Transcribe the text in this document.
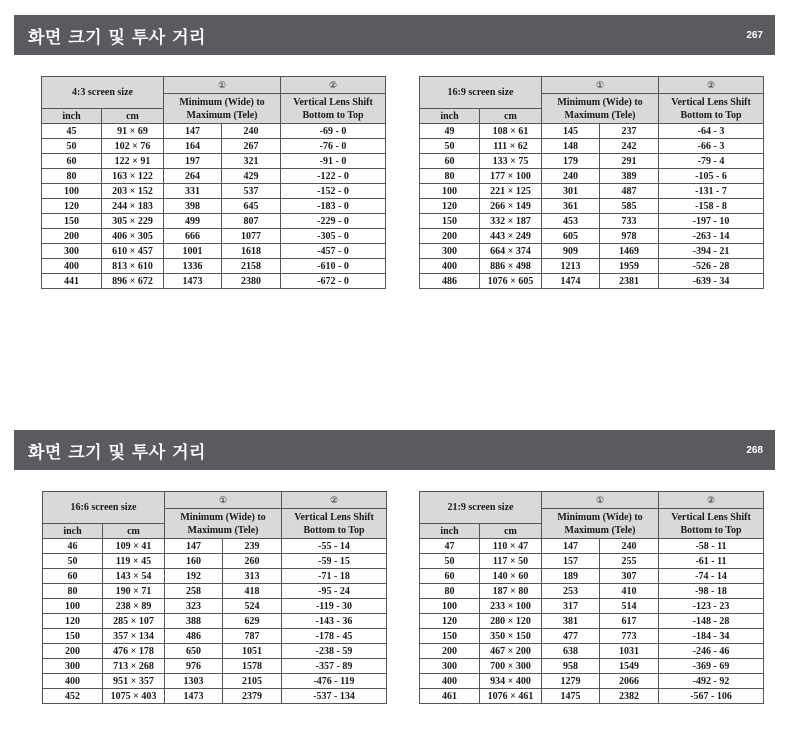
화면 크기 및 투사 거리	267
화면 크기 및 투사 거리	268
4:3 screen size		①		②
		Minimum (Wide) to Maximum (Tele)		Vertical Lens Shift Bottom to Top
inch	cm			
45	91 × 69	147	240	-69 - 0
50	102 × 76	164	267	-76 - 0
60	122 × 91	197	321	-91 - 0
80	163 × 122	264	429	-122 - 0
100	203 × 152	331	537	-152 - 0
120	244 × 183	398	645	-183 - 0
150	305 × 229	499	807	-229 - 0
200	406 × 305	666	1077	-305 - 0
300	610 × 457	1001	1618	-457 - 0
400	813 × 610	1336	2158	-610 - 0
441	896 × 672	1473	2380	-672 - 0
16:9 screen size		①		②
		Minimum (Wide) to Maximum (Tele)		Vertical Lens Shift Bottom to Top
inch	cm			
49	108 × 61	145	237	-64 - 3
50	111 × 62	148	242	-66 - 3
60	133 × 75	179	291	-79 - 4
80	177 × 100	240	389	-105 - 6
100	221 × 125	301	487	-131 - 7
120	266 × 149	361	585	-158 - 8
150	332 × 187	453	733	-197 - 10
200	443 × 249	605	978	-263 - 14
300	664 × 374	909	1469	-394 - 21
400	886 × 498	1213	1959	-526 - 28
486	1076 × 605	1474	2381	-639 - 34
16:6 screen size		①		②
		Minimum (Wide) to Maximum (Tele)		Vertical Lens Shift Bottom to Top
inch	cm			
46	109 × 41	147	239	-55 - 14
50	119 × 45	160	260	-59 - 15
60	143 × 54	192	313	-71 - 18
80	190 × 71	258	418	-95 - 24
100	238 × 89	323	524	-119 - 30
120	285 × 107	388	629	-143 - 36
150	357 × 134	486	787	-178 - 45
200	476 × 178	650	1051	-238 - 59
300	713 × 268	976	1578	-357 - 89
400	951 × 357	1303	2105	-476 - 119
452	1075 × 403	1473	2379	-537 - 134
21:9 screen size		①		②
		Minimum (Wide) to Maximum (Tele)		Vertical Lens Shift Bottom to Top
inch	cm			
47	110 × 47	147	240	-58 - 11
50	117 × 50	157	255	-61 - 11
60	140 × 60	189	307	-74 - 14
80	187 × 80	253	410	-98 - 18
100	233 × 100	317	514	-123 - 23
120	280 × 120	381	617	-148 - 28
150	350 × 150	477	773	-184 - 34
200	467 × 200	638	1031	-246 - 46
300	700 × 300	958	1549	-369 - 69
400	934 × 400	1279	2066	-492 - 92
461	1076 × 461	1475	2382	-567 - 106
